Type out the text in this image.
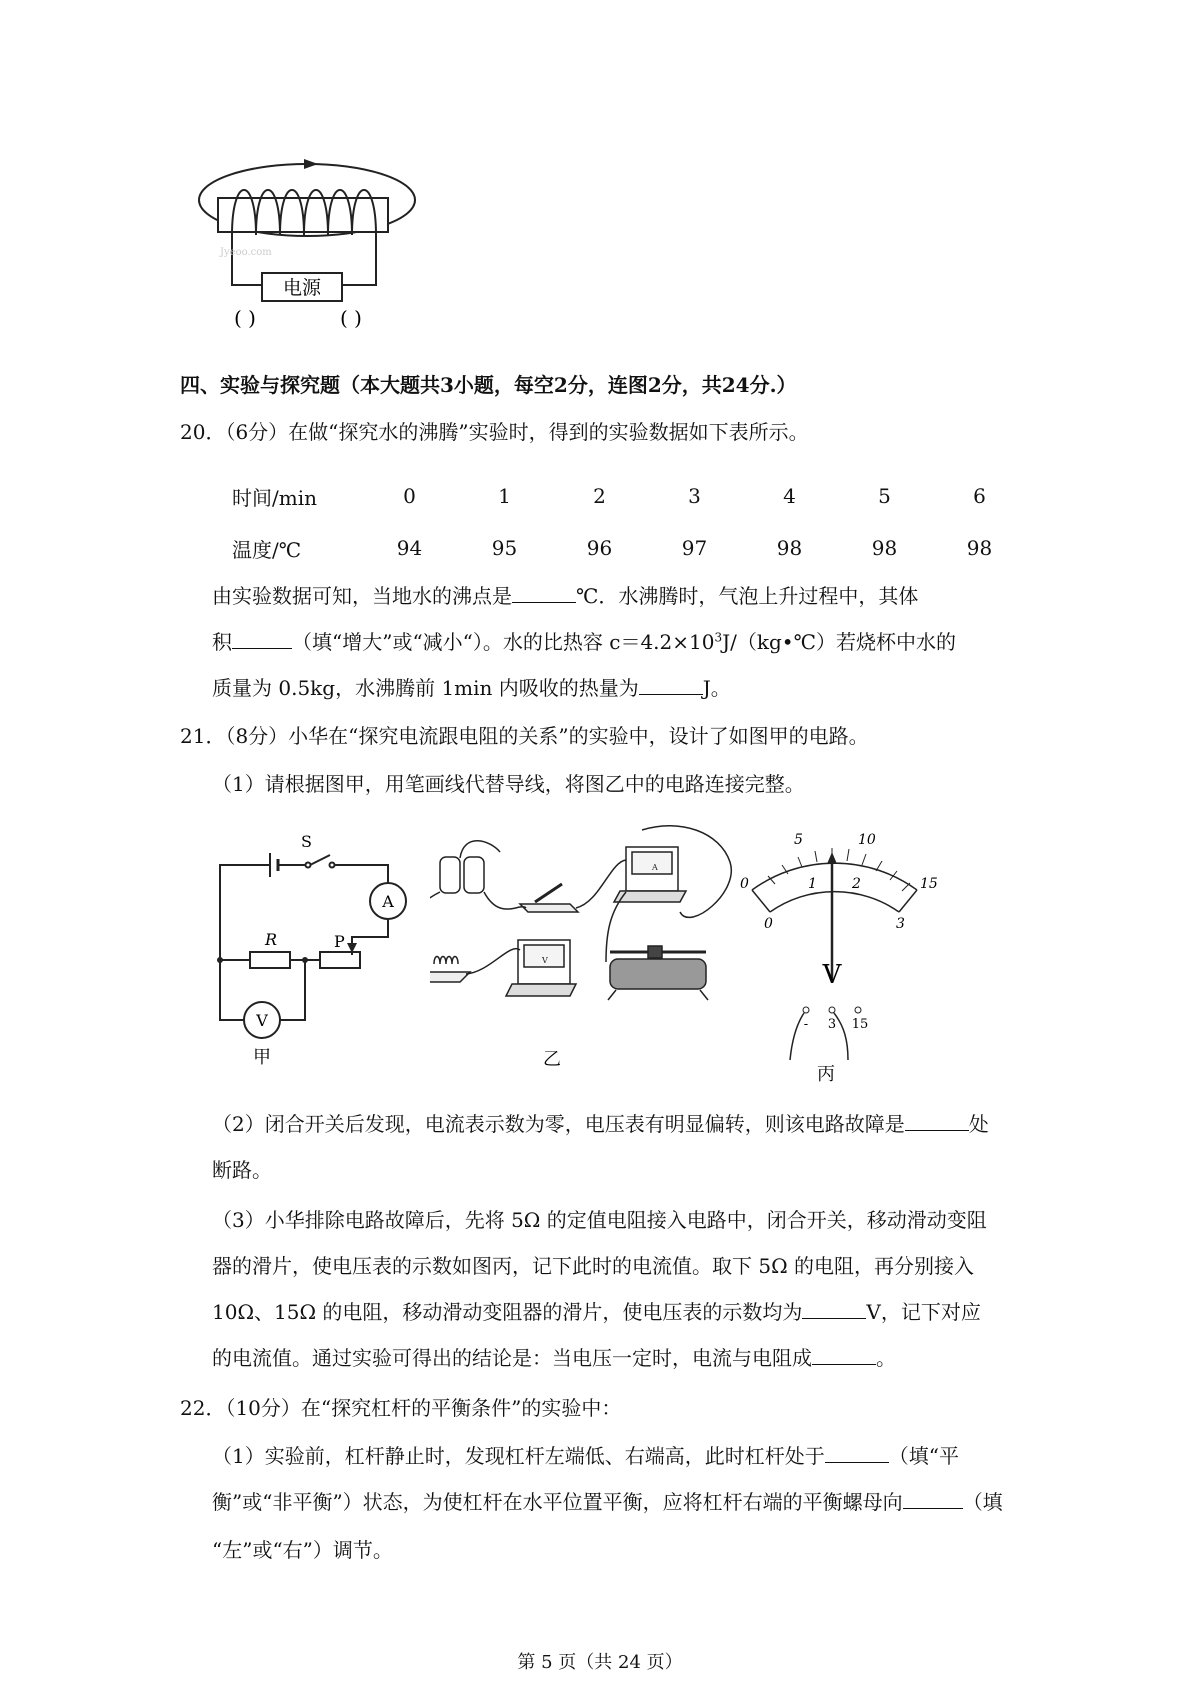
电源
( )	( )
Jyeoo.com
四、实验与探究题（本大题共3小题，每空2分，连图2分，共24分.）
20．（6分）在做“探究水的沸腾”实验时，得到的实验数据如下表所示。
时间/min	0	1	2	3	4	5	6
温度/℃	94	95	96	97	98	98	98
由实验数据可知，当地水的沸点是	℃．水沸腾时，气泡上升过程中，其体
积	（填“增大”或“减小“）。水的比热容 $c=4.2\times 10^3J/(kg•℃)$若烧杯中水的
质量为 0.5kg，水沸腾前 1min 内吸收的热量为	J。
21．（8分）小华在“探究电流跟电阻的关系”的实验中，设计了如图甲的电路。
（1）请根据图甲，用笔画线代替导线，将图乙中的电路连接完整。
S
A
R	P
V
甲
A
V
乙
0
5	10
15
0
1	2
3
V
- 3 15
丙
（2）闭合开关后发现，电流表示数为零，电压表有明显偏转，则该电路故障是	处
断路。
（3）小华排除电路故障后，先将 5Ω 的定值电阻接入电路中，闭合开关，移动滑动变阻
器的滑片，使电压表的示数如图丙，记下此时的电流值。取下 5Ω 的电阻，再分别接入
10Ω、15Ω 的电阻，移动滑动变阻器的滑片，使电压表的示数均为	V，记下对应
的电流值。通过实验可得出的结论是：当电压一定时，电流与电阻成	。
22．（10分）在“探究杠杆的平衡条件”的实验中：
（1）实验前，杠杆静止时，发现杠杆左端低、右端高，此时杠杆处于	（填“平
衡”或“非平衡”）状态，为使杠杆在水平位置平衡，应将杠杆右端的平衡螺母向	（填
“左”或“右”）调节。
第 5 页（共 24 页）
